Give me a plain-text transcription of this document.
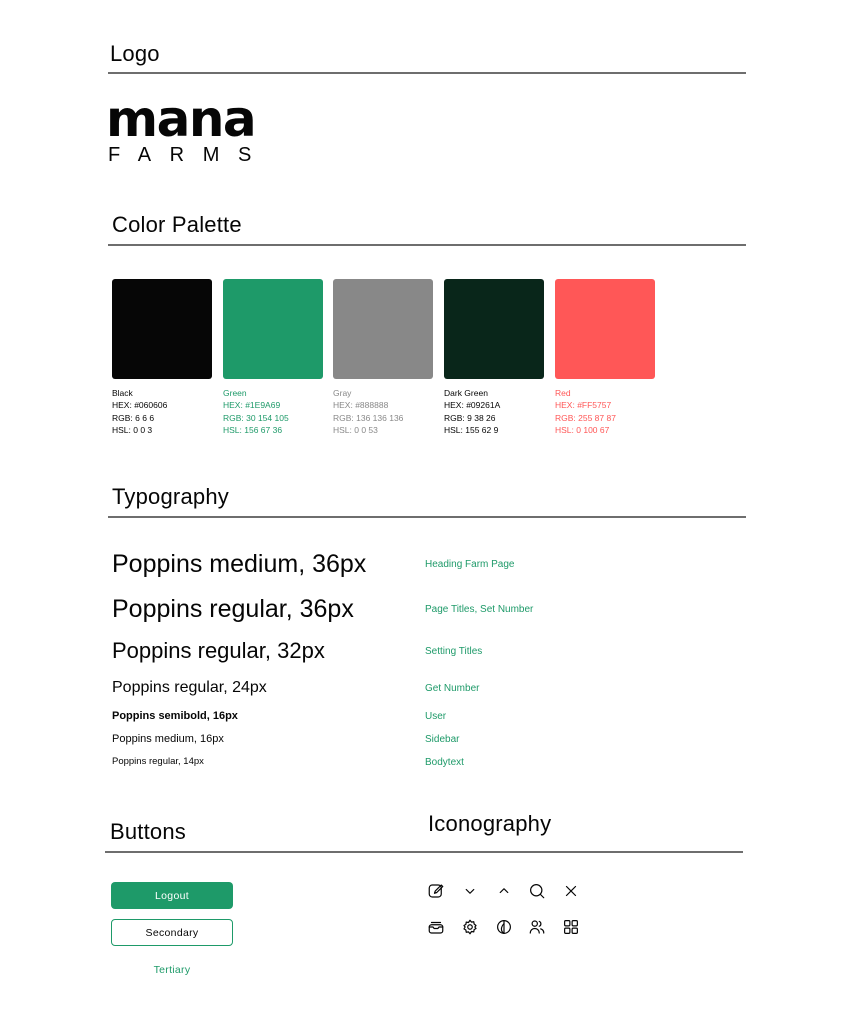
Logo
mana
FARMS
Color Palette
Black
HEX: #060606
RGB: 6 6 6
HSL: 0 0 3
Green
HEX: #1E9A69
RGB: 30 154 105
HSL: 156 67 36
Gray
HEX: #888888
RGB: 136 136 136
HSL: 0 0 53
Dark Green
HEX: #09261A
RGB: 9 38 26
HSL: 155 62 9
Red
HEX: #FF5757
RGB: 255 87 87
HSL: 0 100 67
Typography
Poppins medium, 36px	Heading Farm Page
Poppins regular, 36px	Page Titles, Set Number
Poppins regular, 32px	Setting Titles
Poppins regular, 24px	Get Number
Poppins semibold, 16px	User
Poppins medium, 16px	Sidebar
Poppins regular, 14px	Bodytext
Buttons	Iconography
Logout
Secondary
Tertiary
